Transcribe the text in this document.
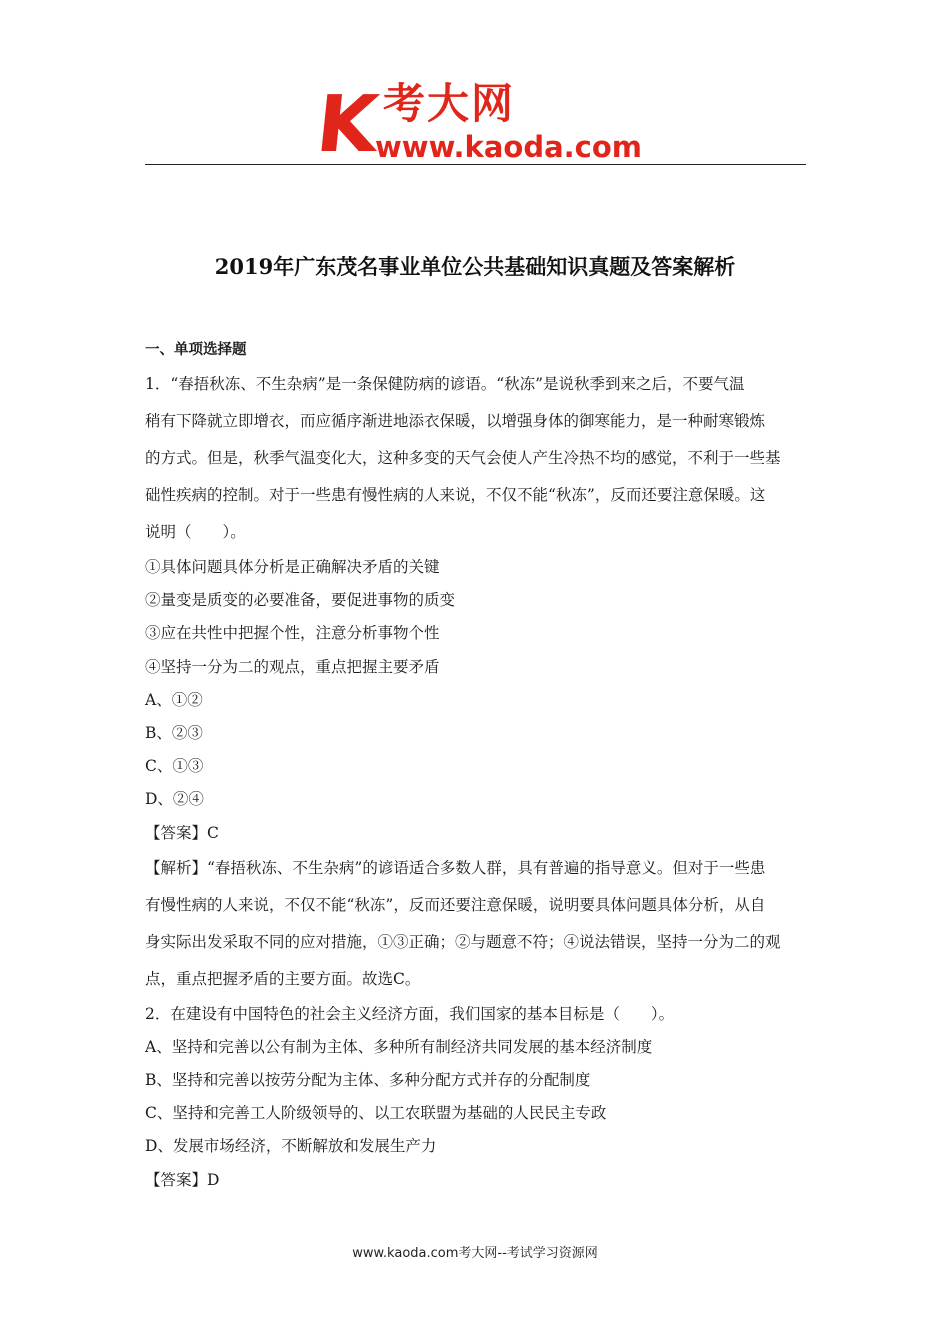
K 考大网
www.kaoda.com
2019年广东茂名事业单位公共基础知识真题及答案解析
一、单项选择题
1．“春捂秋冻、不生杂病”是一条保健防病的谚语。“秋冻”是说秋季到来之后，不要气温
稍有下降就立即增衣，而应循序渐进地添衣保暖，以增强身体的御寒能力，是一种耐寒锻炼
的方式。但是，秋季气温变化大，这种多变的天气会使人产生冷热不均的感觉，不利于一些基
础性疾病的控制。对于一些患有慢性病的人来说，不仅不能“秋冻”，反而还要注意保暖。这
说明（　　）。
①具体问题具体分析是正确解决矛盾的关键
②量变是质变的必要准备，要促进事物的质变
③应在共性中把握个性，注意分析事物个性
④坚持一分为二的观点，重点把握主要矛盾
A、①②
B、②③
C、①③
D、②④
【答案】C
【解析】“春捂秋冻、不生杂病”的谚语适合多数人群，具有普遍的指导意义。但对于一些患
有慢性病的人来说，不仅不能“秋冻”，反而还要注意保暖，说明要具体问题具体分析，从自
身实际出发采取不同的应对措施，①③正确；②与题意不符；④说法错误，坚持一分为二的观
点，重点把握矛盾的主要方面。故选C。
2．在建设有中国特色的社会主义经济方面，我们国家的基本目标是（　　）。
A、坚持和完善以公有制为主体、多种所有制经济共同发展的基本经济制度
B、坚持和完善以按劳分配为主体、多种分配方式并存的分配制度
C、坚持和完善工人阶级领导的、以工农联盟为基础的人民民主专政
D、发展市场经济，不断解放和发展生产力
【答案】D
www.kaoda.com考大网--考试学习资源网
